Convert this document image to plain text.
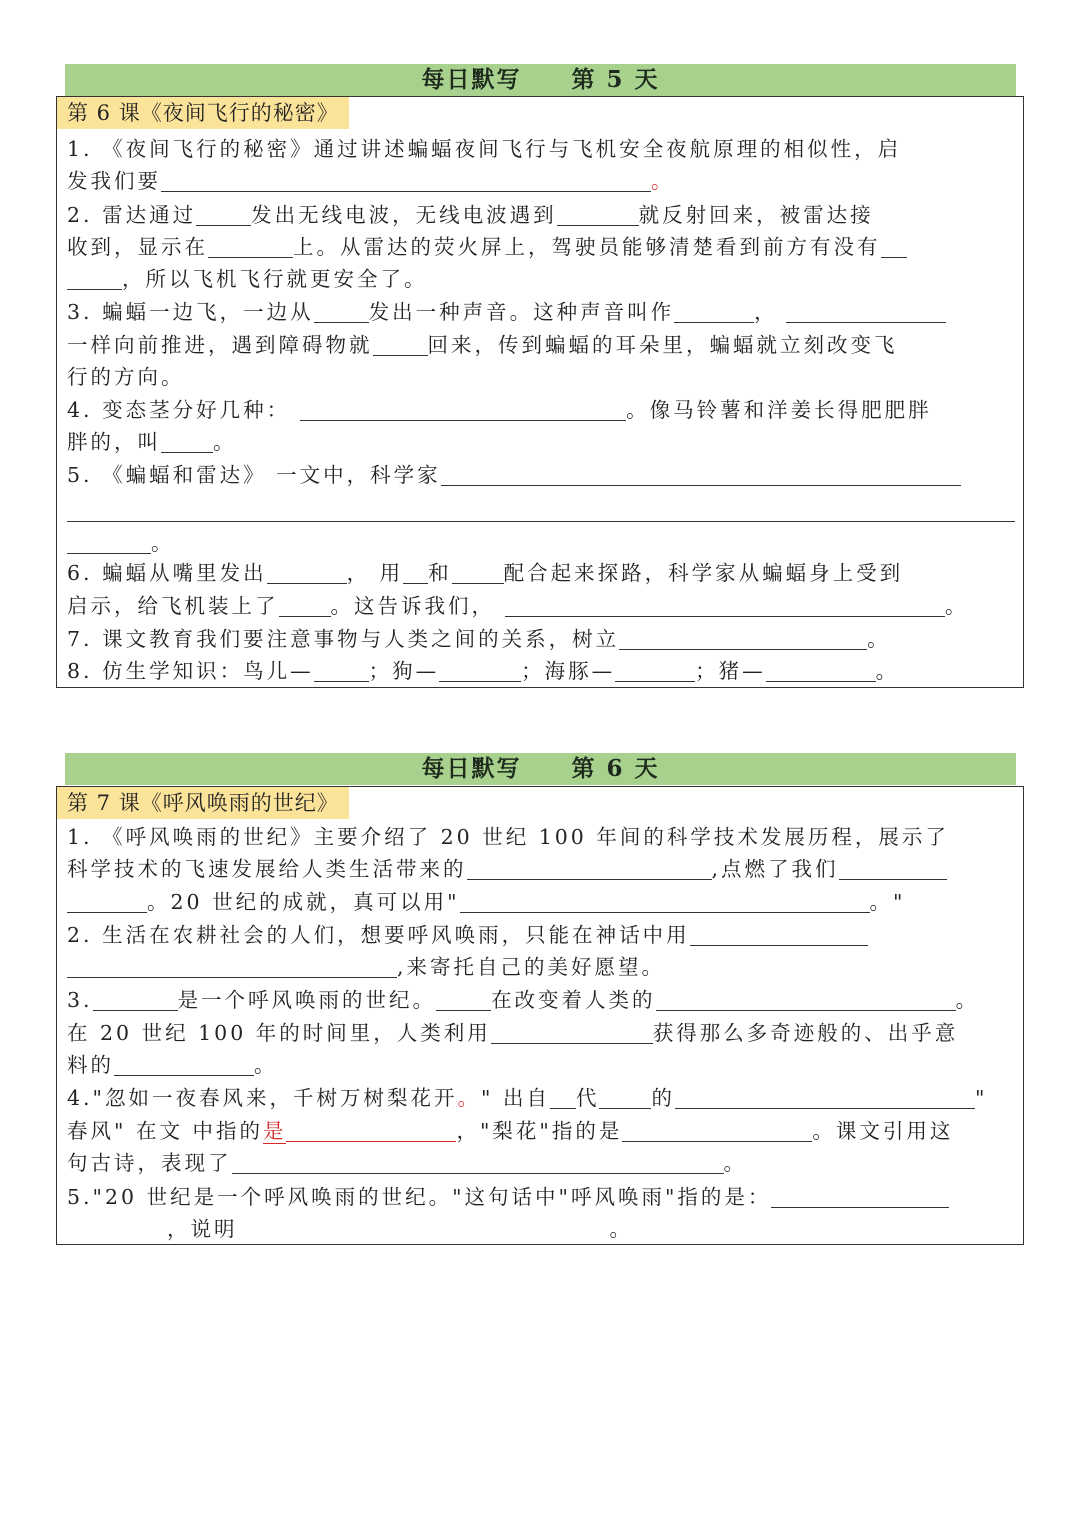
每日默写 第 5 天
第 6 课《夜间飞行的秘密》
1. 《夜间飞行的秘密》通过讲述蝙蝠夜间飞行与飞机安全夜航原理的相似性，启
发我们要	。
2. 雷达通过	发出无线电波，无线电波遇到	就反射回来，被雷达接
收到，显示在	上。从雷达的荧火屏上，驾驶员能够清楚看到前方有没有
，所以飞机飞行就更安全了。
3. 蝙蝠一边飞，一边从	发出一种声音。这种声音叫作	，
一样向前推进，遇到障碍物就	回来，传到蝙蝠的耳朵里，蝙蝠就立刻改变飞
行的方向。
4. 变态茎分好几种：	。像马铃薯和洋姜长得肥肥胖
胖的，叫	。
5. 《蝙蝠和雷达》 一文中，科学家
。
6. 蝙蝠从嘴里发出	， 用 和	配合起来探路，科学家从蝙蝠身上受到
启示，给飞机装上了	。这告诉我们，	。
7. 课文教育我们要注意事物与人类之间的关系，树立	。
8. 仿生学知识：鸟儿—	；狗—	；海豚—	；猪—	。
每日默写 第 6 天
第 7 课《呼风唤雨的世纪》
1. 《呼风唤雨的世纪》主要介绍了 20 世纪 100 年间的科学技术发展历程，展示了
科学技术的飞速发展给人类生活带来的	,点燃了我们
。20 世纪的成就，真可以用"	。"
2. 生活在农耕社会的人们，想要呼风唤雨，只能在神话中用
,来寄托自己的美好愿望。
3.	是一个呼风唤雨的世纪。	在改变着人类的	。
在 20 世纪 100 年的时间里，人类利用	获得那么多奇迹般的、出乎意
料的	。
4."忽如一夜春风来，千树万树梨花开。" 出自 代	的	"
春风" 在文 中指的是	，"梨花"指的是	。课文引用这
句古诗，表现了	。
5."20 世纪是一个呼风唤雨的世纪。"这句话中"呼风唤雨"指的是：
，说明	。
